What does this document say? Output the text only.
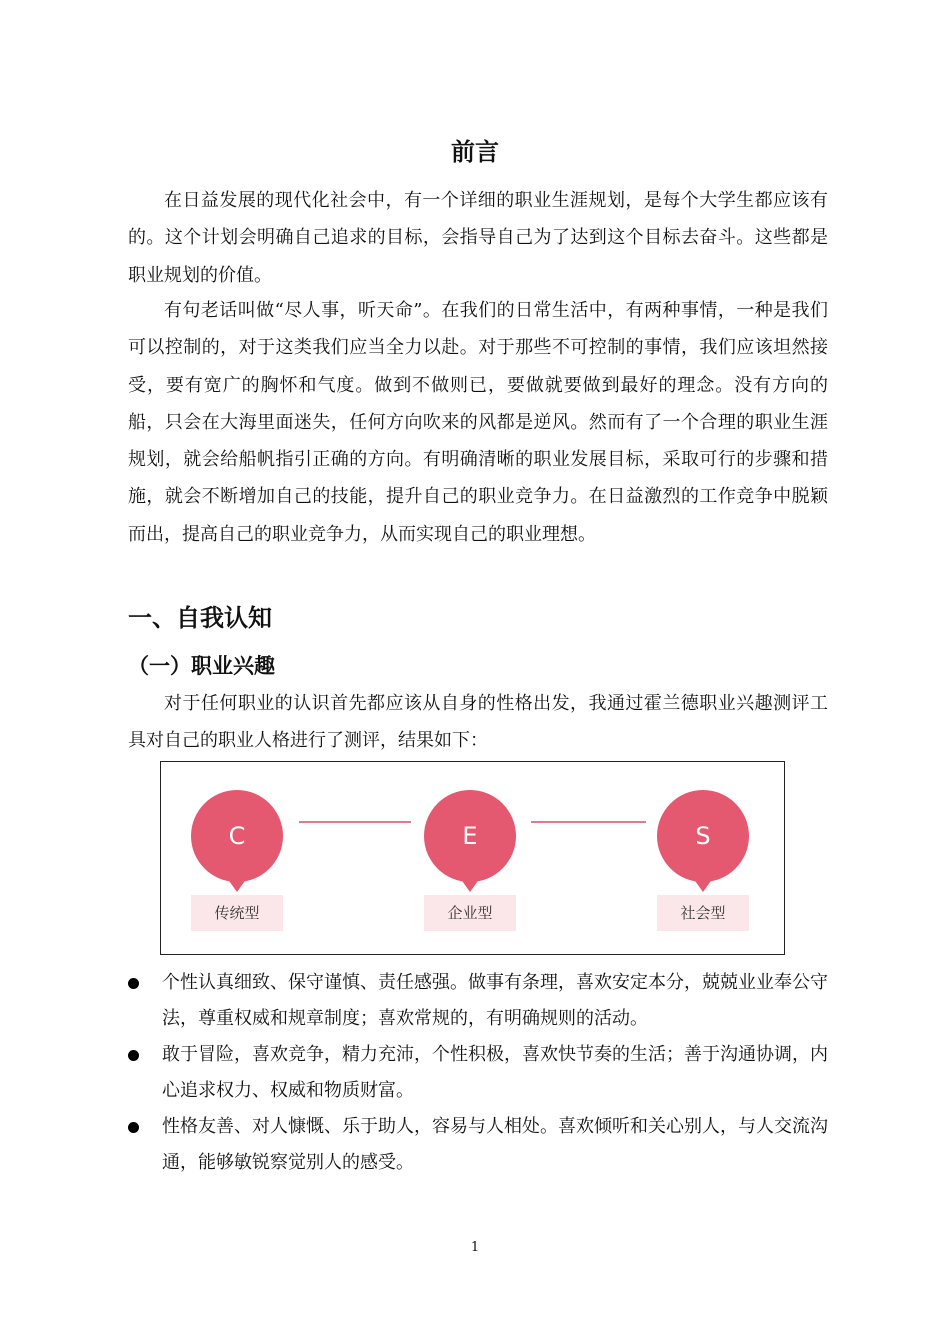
前言

在日益发展的现代化社会中，有一个详细的职业生涯规划，是每个大学生都应该有的。这个计划会明确自己追求的目标，会指导自己为了达到这个目标去奋斗。这些都是职业规划的价值。

有句老话叫做“尽人事，听天命”。在我们的日常生活中，有两种事情，一种是我们可以控制的，对于这类我们应当全力以赴。对于那些不可控制的事情，我们应该坦然接受，要有宽广的胸怀和气度。做到不做则已，要做就要做到最好的理念。没有方向的船，只会在大海里面迷失，任何方向吹来的风都是逆风。然而有了一个合理的职业生涯规划，就会给船帆指引正确的方向。有明确清晰的职业发展目标，采取可行的步骤和措施，就会不断增加自己的技能，提升自己的职业竞争力。在日益激烈的工作竞争中脱颖而出，提高自己的职业竞争力，从而实现自己的职业理想。

一、自我认知
（一）职业兴趣

对于任何职业的认识首先都应该从自身的性格出发，我通过霍兰德职业兴趣测评工具对自己的职业人格进行了测评，结果如下：

C	E	S
传统型	企业型	社会型
个性认真细致、保守谨慎、责任感强。做事有条理，喜欢安定本分，兢兢业业奉公守法，尊重权威和规章制度；喜欢常规的，有明确规则的活动。
敢于冒险，喜欢竞争，精力充沛，个性积极，喜欢快节奏的生活；善于沟通协调，内心追求权力、权威和物质财富。
性格友善、对人慷慨、乐于助人，容易与人相处。喜欢倾听和关心别人，与人交流沟通，能够敏锐察觉别人的感受。
1
